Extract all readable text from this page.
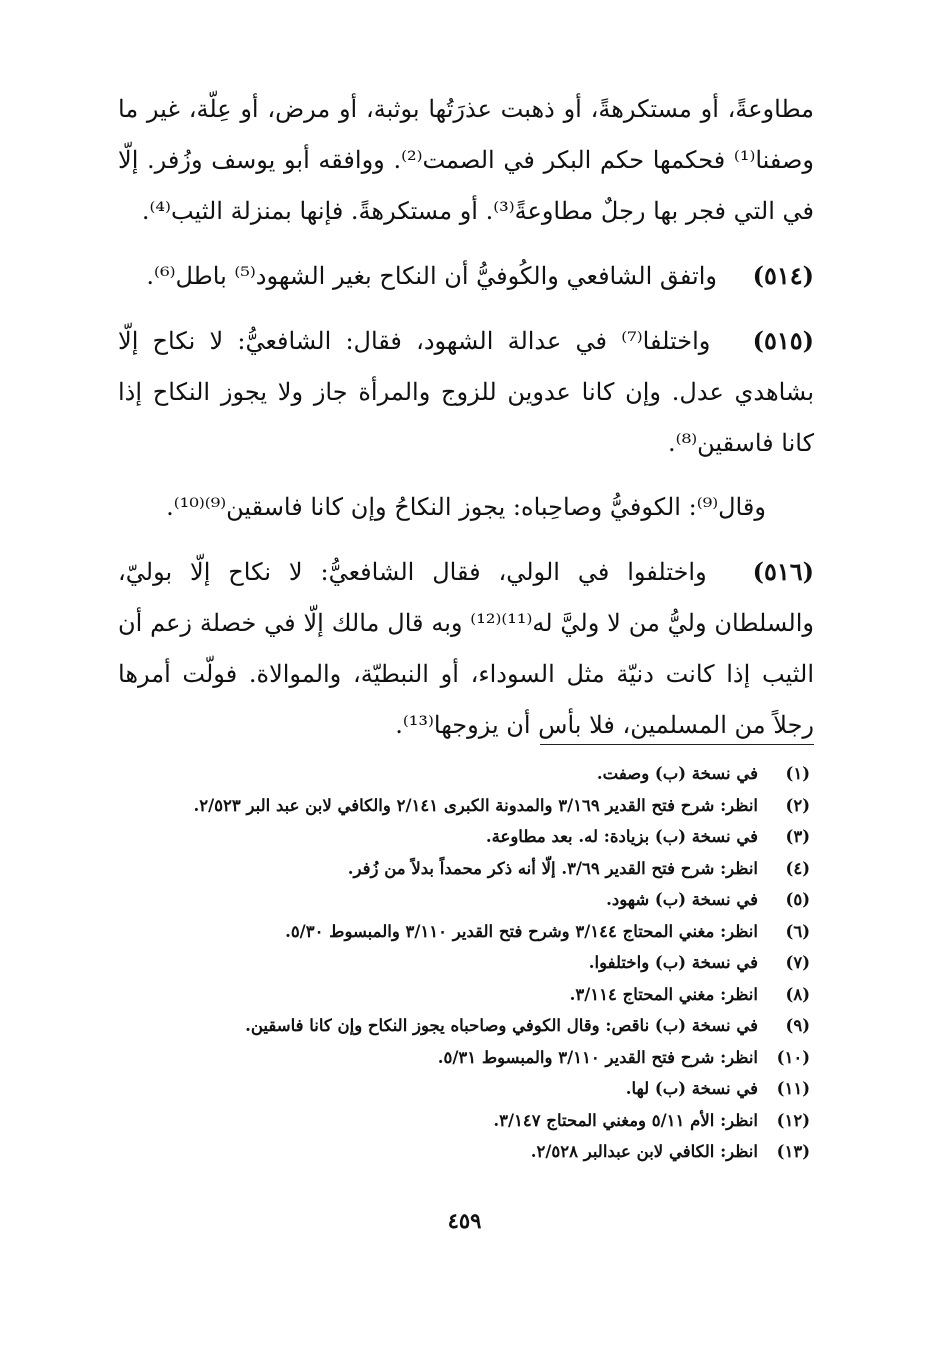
مطاوعةً، أو مستكرهةً، أو ذهبت عذرَتُها بوثبة، أو مرض، أو عِلّة، غير ما وصفنا⁽¹⁾ فحكمها حكم البكر في الصمت⁽²⁾. ووافقه أبو يوسف وزُفر. إلّا في التي فجر بها رجلٌ مطاوعةً⁽³⁾. أو مستكرهةً. فإنها بمنزلة الثيب⁽⁴⁾.

(٥١٤) واتفق الشافعي والكُوفيُّ أن النكاح بغير الشهود⁽⁵⁾ باطل⁽⁶⁾.

(٥١٥) واختلفا⁽⁷⁾ في عدالة الشهود، فقال: الشافعيُّ: لا نكاح إلّا بشاهدي عدل. وإن كانا عدوين للزوج والمرأة جاز ولا يجوز النكاح إذا كانا فاسقين⁽⁸⁾.

وقال⁽⁹⁾: الكوفيُّ وصاحِباه: يجوز النكاحُ وإن كانا فاسقين⁽⁹⁾⁽¹⁰⁾.

(٥١٦) واختلفوا في الولي، فقال الشافعيُّ: لا نكاح إلّا بوليّ، والسلطان وليُّ من لا وليَّ له⁽¹¹⁾⁽¹²⁾ وبه قال مالك إلّا في خصلة زعم أن الثيب إذا كانت دنيّة مثل السوداء، أو النبطيّة، والموالاة. فولّت أمرها رجلاً من المسلمين، فلا بأس أن يزوجها⁽¹³⁾.

(١)
في نسخة (ب) وصفت.
(٢)
انظر: شرح فتح القدير ٣/١٦٩ والمدونة الكبرى ٢/١٤١ والكافي لابن عبد البر ٢/٥٢٣.
(٣)
في نسخة (ب) بزيادة: له. بعد مطاوعة.
(٤)
انظر: شرح فتح القدير ٣/٦٩. إلّا أنه ذكر محمداً بدلاً من زُفر.
(٥)
في نسخة (ب) شهود.
(٦)
انظر: مغني المحتاج ٣/١٤٤ وشرح فتح القدير ٣/١١٠ والمبسوط ٥/٣٠.
(٧)
في نسخة (ب) واختلفوا.
(٨)
انظر: مغني المحتاج ٣/١١٤.
(٩)
في نسخة (ب) ناقص: وقال الكوفي وصاحباه يجوز النكاح وإن كانا فاسقين.
(١٠)
انظر: شرح فتح القدير ٣/١١٠ والمبسوط ٥/٣١.
(١١)
في نسخة (ب) لها.
(١٢)
انظر: الأم ٥/١١ ومغني المحتاج ٣/١٤٧.
(١٣)
انظر: الكافي لابن عبدالبر ٢/٥٢٨.
٤٥٩
